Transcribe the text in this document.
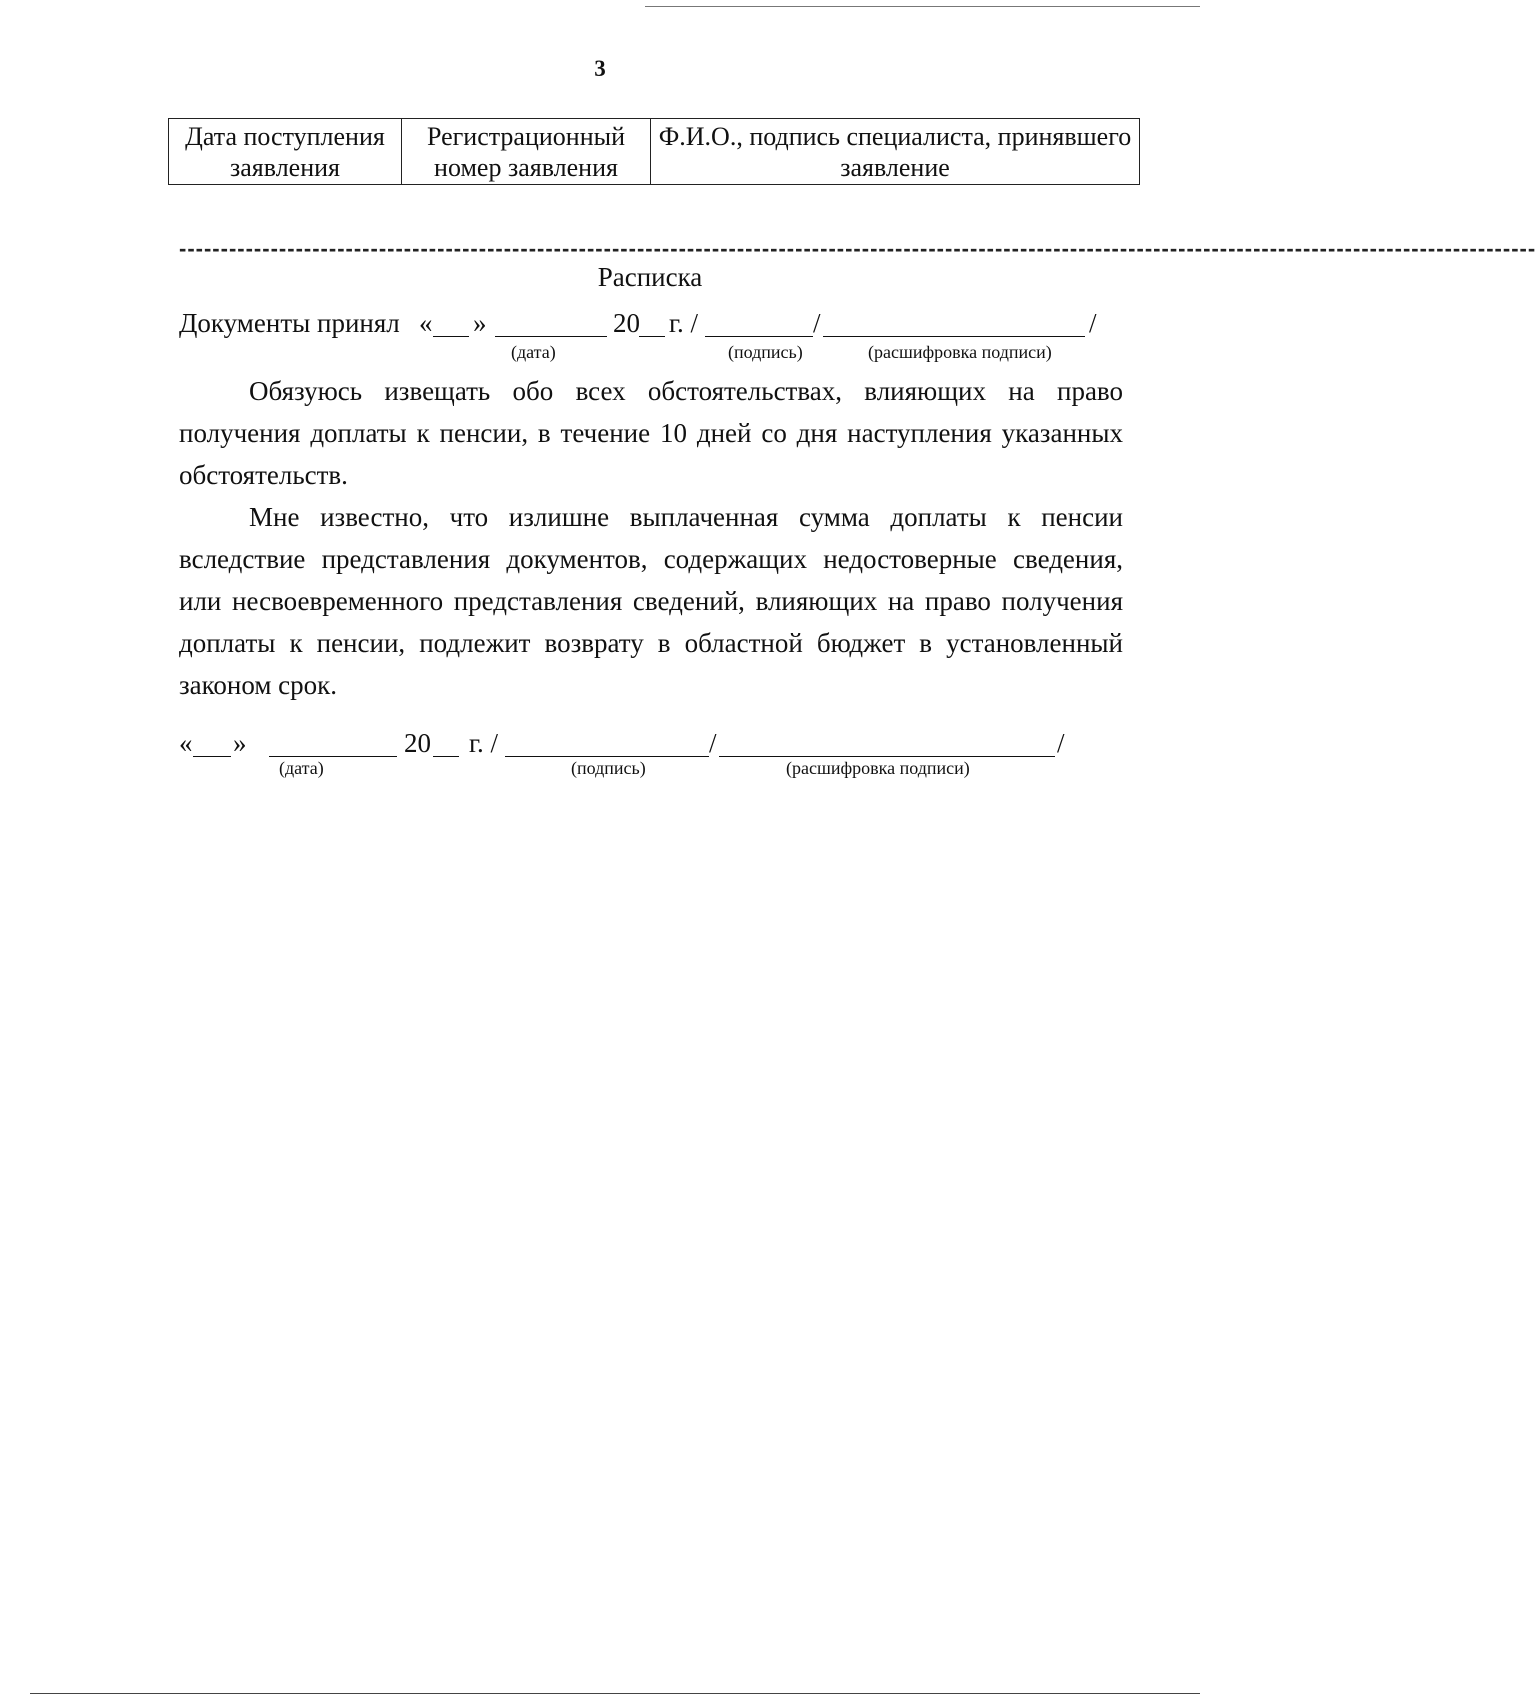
3
Дата поступления заявления	Регистрационный номер заявления	Ф.И.О., подпись специалиста, принявшего заявление
-------------------------------------------------------------------------------------------------------------------------------------------------------------------
Расписка
Документы принял « »	20 г. /	/	/
(дата)	(подпись)	(расшифровка подписи)
Обязуюсь извещать обо всех обстоятельствах, влияющих на право получения доплаты к пенсии, в течение 10 дней со дня наступления указанных обстоятельств.
Мне известно, что излишне выплаченная сумма доплаты к пенсии вследствие представления документов, содержащих недостоверные сведения, или несвоевременного представления сведений, влияющих на право получения доплаты к пенсии, подлежит возврату в областной бюджет в установленный законом срок.
« »	20 г. /	/	/
(дата)	(подпись)	(расшифровка подписи)
